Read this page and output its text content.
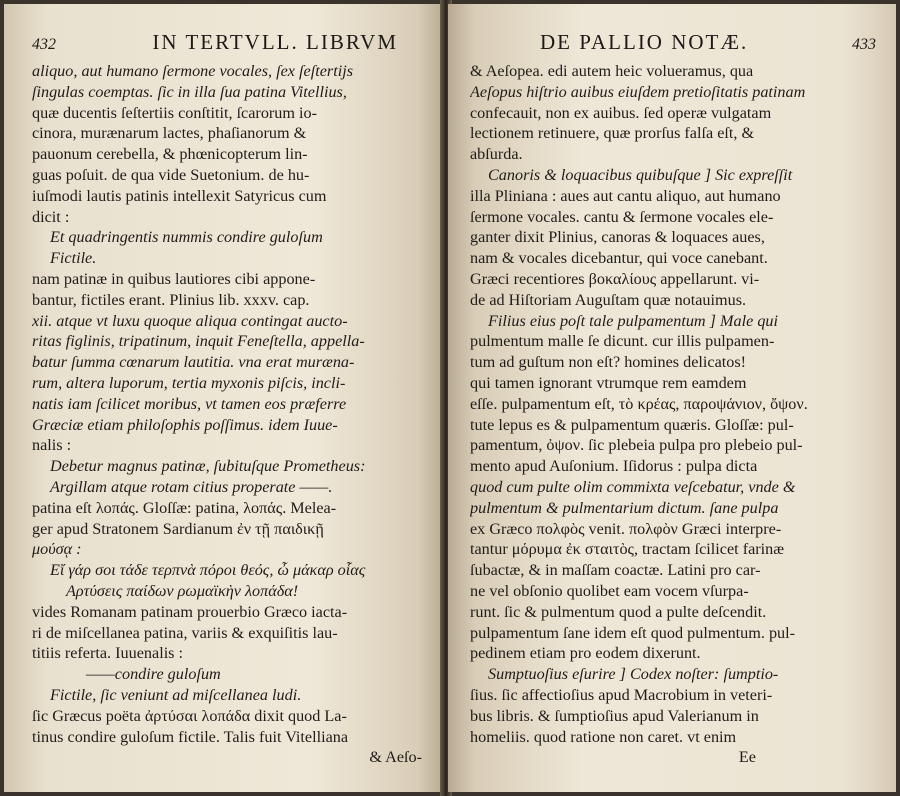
432	IN TERTVLL. LIBRVM
aliquo, aut humano ſermone vocales, ſex ſeſtertijs
ſingulas coemptas. ſic in illa ſua patina Vitellius,
quæ ducentis ſeſtertiis conſtitit, ſcarorum io-
cinora, murænarum lactes, phaſianorum &
pauonum cerebella, & phœnicopterum lin-
guas poſuit. de qua vide Suetonium. de hu-
iuſmodi lautis patinis intellexit Satyricus cum
dicit :
Et quadringentis nummis condire guloſum
Fictile.
nam patinæ in quibus lautiores cibi appone-
bantur, fictiles erant. Plinius lib. xxxv. cap.
xii. atque vt luxu quoque aliqua contingat aucto-
ritas figlinis, tripatinum, inquit Feneſtella, appella-
batur ſumma cœnarum lautitia. vna erat muræna-
rum, altera luporum, tertia myxonis piſcis, incli-
natis iam ſcilicet moribus, vt tamen eos præferre
Græciæ etiam philoſophis poſſimus. idem Iuue-
nalis :
Debetur magnus patinæ, ſubituſque Prometheus:
Argillam atque rotam citius properate ——.
patina eſt λοπάς. Gloſſæ: patina, λοπάς. Melea-
ger apud Stratonem Sardianum ἐν τῇ παιδικῇ
μούσᾳ :
Εἴ γάρ σοι τάδε τερπνὰ πόροι θεός, ὦ μάκαρ οἷας
Αρτύσεις παίδων ρωμαϊκὴν λοπάδα!
vides Romanam patinam prouerbio Græco iacta-
ri de miſcellanea patina, variis & exquiſitis lau-
titiis referta. Iuuenalis :
——condire guloſum
Fictile, ſic veniunt ad miſcellanea ludi.
ſic Græcus poëta ἀρτύσαι λοπάδα dixit quod La-
tinus condire guloſum fictile. Talis fuit Vitelliana
& Aeſo-
DE PALLIO NOTÆ.	433
& Aeſopea. edi autem heic volueramus, qua
Aeſopus hiſtrio auibus eiuſdem pretioſitatis patinam
confecauit, non ex auibus. ſed operæ vulgatam
lectionem retinuere, quæ prorſus falſa eſt, &
abſurda.
Canoris & loquacibus quibuſque ] Sic expreſſit
illa Pliniana : aues aut cantu aliquo, aut humano
ſermone vocales. cantu & ſermone vocales ele-
ganter dixit Plinius, canoras & loquaces aues,
nam & vocales dicebantur, qui voce canebant.
Græci recentiores βοκαλίους appellarunt. vi-
de ad Hiſtoriam Auguſtam quæ notauimus.
Filius eius poſt tale pulpamentum ] Male qui
pulmentum malle ſe dicunt. cur illis pulpamen-
tum ad guſtum non eſt? homines delicatos!
qui tamen ignorant vtrumque rem eamdem
eſſe. pulpamentum eſt, τὸ κρέας, παροψάνιον, ὄψον.
tute lepus es & pulpamentum quæris. Gloſſæ: pul-
pamentum, ὀψον. ſic plebeia pulpa pro plebeio pul-
mento apud Auſonium. Iſidorus : pulpa dicta
quod cum pulte olim commixta veſcebatur, vnde &
pulmentum & pulmentarium dictum. ſane pulpa
ex Græco πολφὸς venit. πολφὸν Græci interpre-
tantur μόρυμα ἐκ σταιτὸς, tractam ſcilicet farinæ
ſubactæ, & in maſſam coactæ. Latini pro car-
ne vel obſonio quolibet eam vocem vſurpa-
runt. ſic & pulmentum quod a pulte deſcendit.
pulpamentum ſane idem eſt quod pulmentum. pul-
pedinem etiam pro eodem dixerunt.
Sumptuoſius eſurire ] Codex noſter: ſumptio-
ſius. ſic affectioſius apud Macrobium in veteri-
bus libris. & ſumptioſius apud Valerianum in
homeliis. quod ratione non caret. vt enim
Ee
